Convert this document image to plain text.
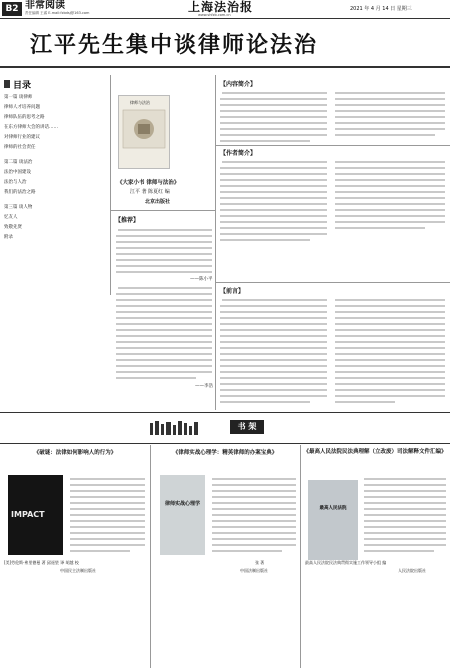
B2 非常阅读
责任编辑 王睿 E-mail:fzbdsj@163.com	上海法治报
www.shfzb.com.cn
2021 年 4 月 14 日 星期三
江平先生集中谈律师论法治
目录
第一篇 谈律师
律师人才培养问题
律师队伍的思考之路
在东方律师大会的讲话……
对律师行业的建议
律师的社会责任
第二篇 谈法治
法治中国建设
法治与人治
我们的法治之路
第三篇 谈人物
忆友人
致敬先贤
附录
律师与法治
《大家小书 律师与法治》
江平 著 陈夏红 编
北京出版社
【推荐】
——陈小平
——李浩
【内容简介】
【作者简介】
【前言】
书 架
《破谜：法律如何影响人的行为》
IMPACT
[美]劳伦斯·弗里德曼 著 邱遥堃 译 胡越 校
中国民主法制出版社
《律师实战心理学：精英律师的办案宝典》
律师实战心理学
张 著
中国法制出版社
《最高人民法院民法典理解（立改废）司法解释文件汇编》
最高人民法院
最高人民法院民法典贯彻实施工作领导小组 编
人民法院出版社
